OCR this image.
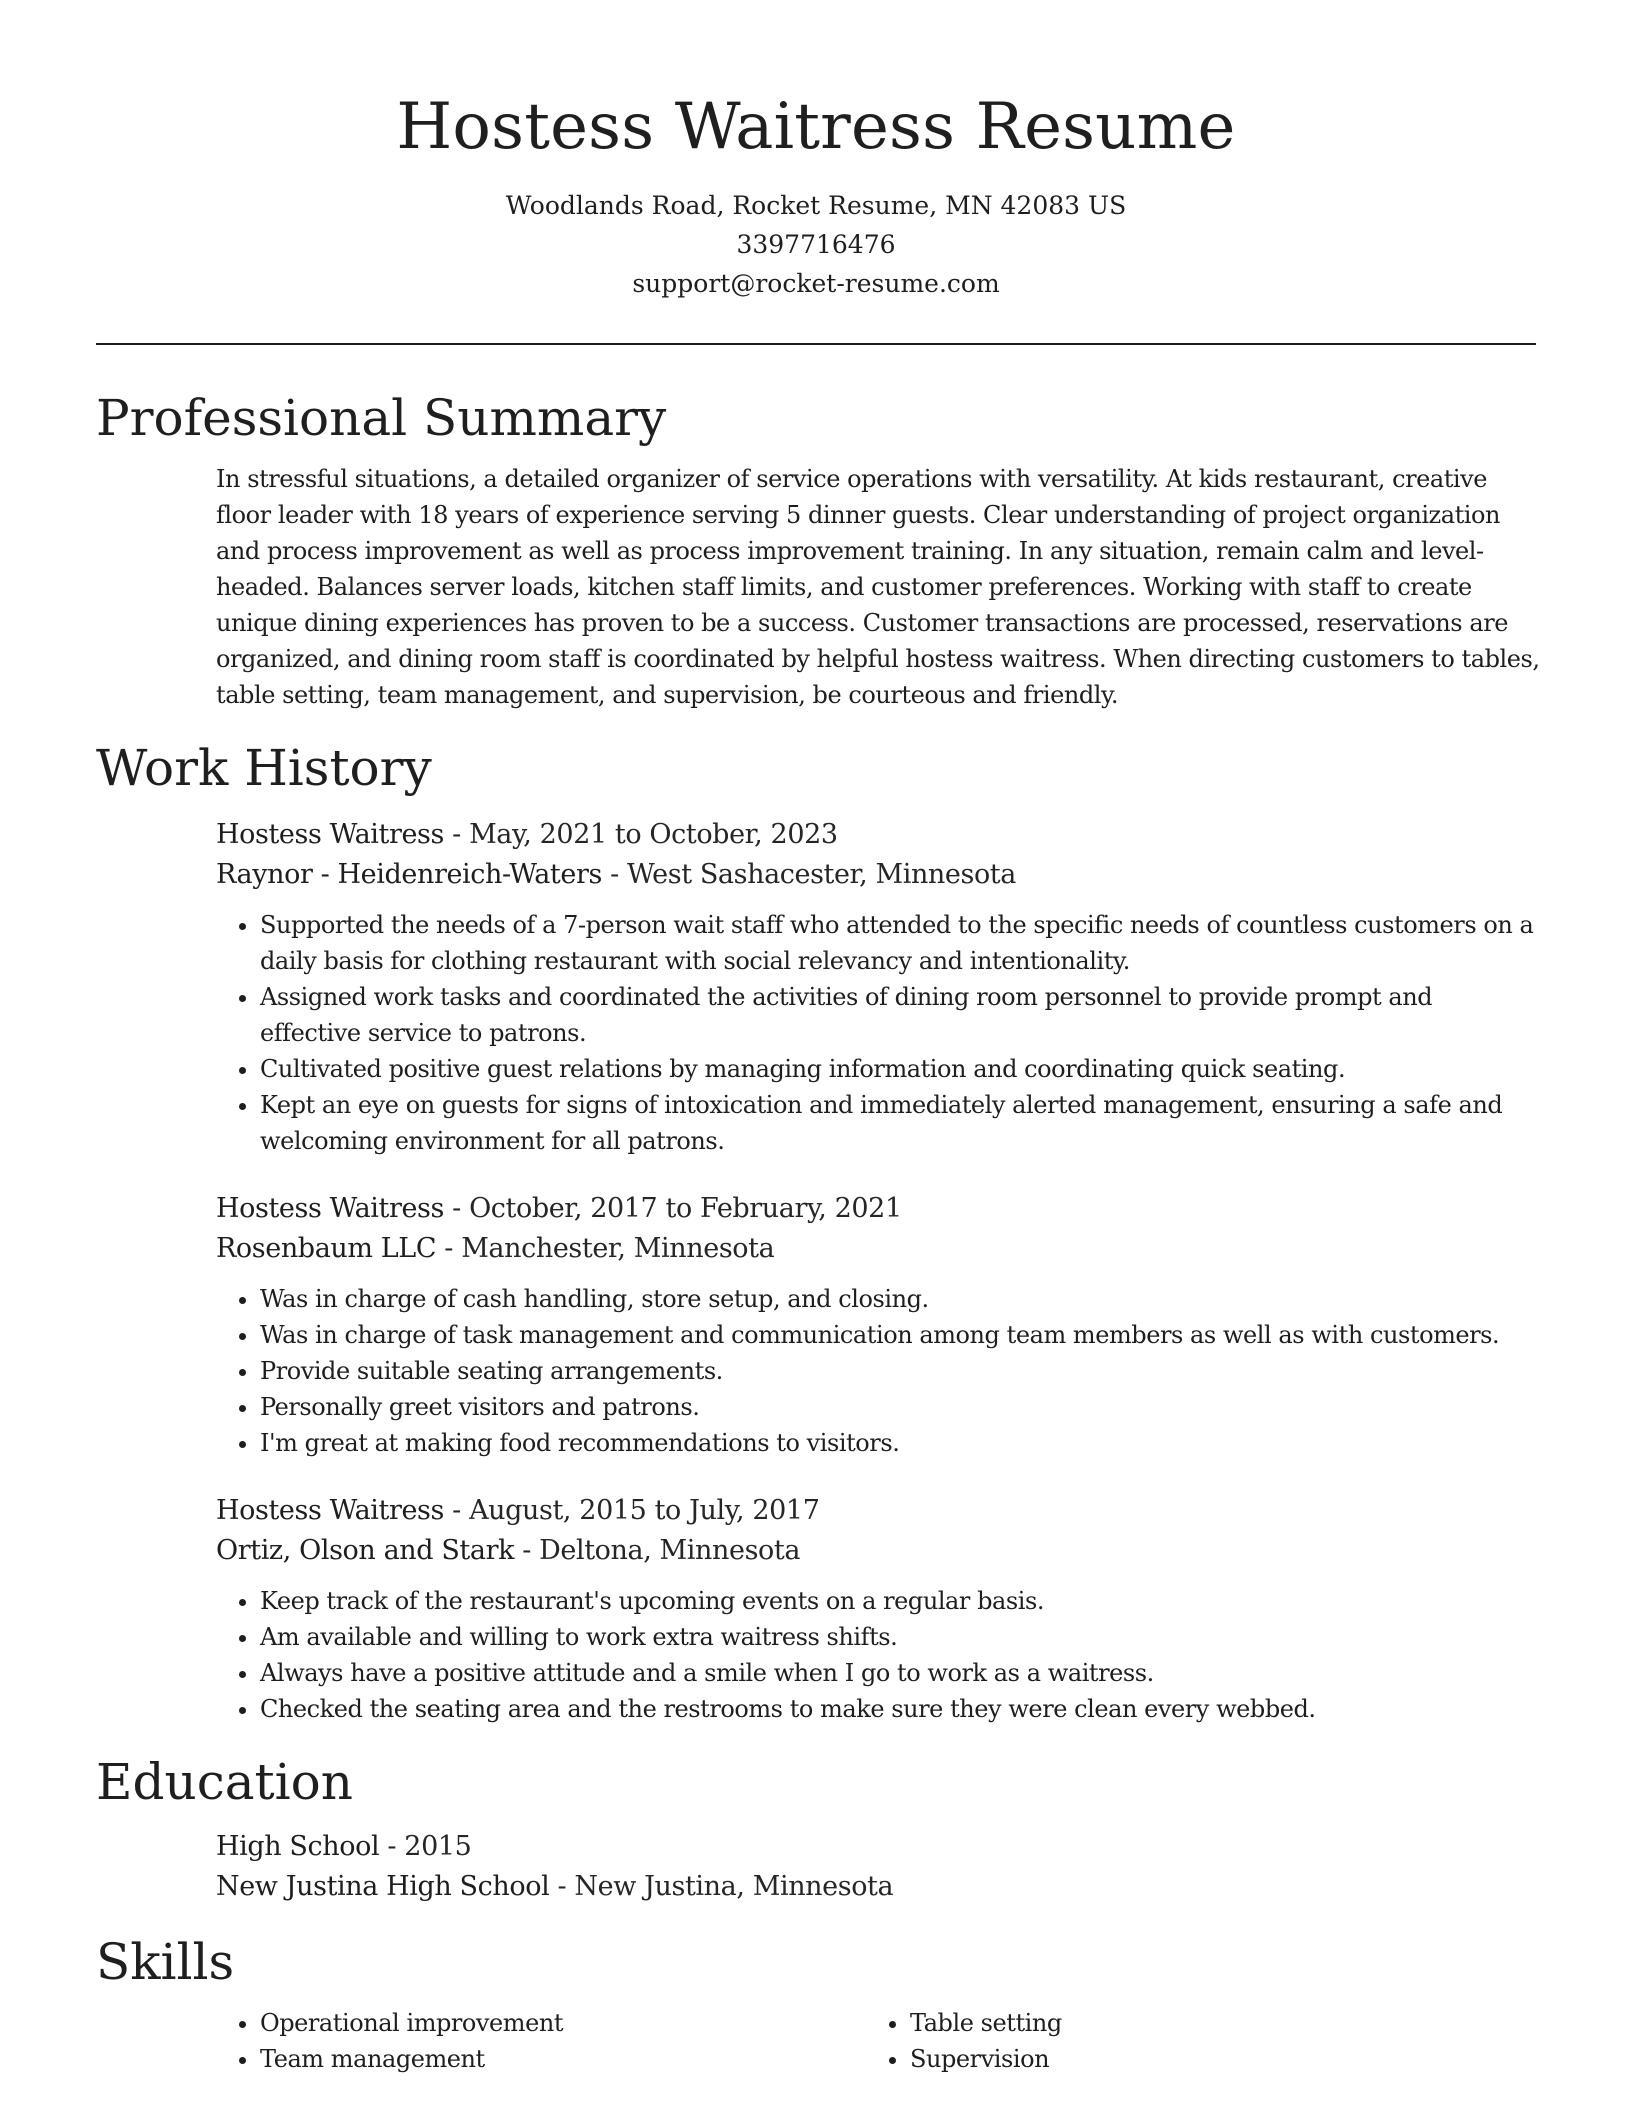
Hostess Waitress Resume
Woodlands Road, Rocket Resume, MN 42083 US
3397716476
support@rocket-resume.com
Professional Summary

In stressful situations, a detailed organizer of service operations with versatility. At kids restaurant, creative floor leader with 18 years of experience serving 5 dinner guests. Clear understanding of project organization and process improvement as well as process improvement training. In any situation, remain calm and level-headed. Balances server loads, kitchen staff limits, and customer preferences. Working with staff to create unique dining experiences has proven to be a success. Customer transactions are processed, reservations are organized, and dining room staff is coordinated by helpful hostess waitress. When directing customers to tables, table setting, team management, and supervision, be courteous and friendly.

Work History
Hostess Waitress - May, 2021 to October, 2023
Raynor - Heidenreich-Waters - West Sashacester, Minnesota
• Supported the needs of a 7-person wait staff who attended to the specific needs of countless customers on a daily basis for clothing restaurant with social relevancy and intentionality.
• Assigned work tasks and coordinated the activities of dining room personnel to provide prompt and effective service to patrons.
• Cultivated positive guest relations by managing information and coordinating quick seating.
• Kept an eye on guests for signs of intoxication and immediately alerted management, ensuring a safe and welcoming environment for all patrons.
Hostess Waitress - October, 2017 to February, 2021
Rosenbaum LLC - Manchester, Minnesota
• Was in charge of cash handling, store setup, and closing.
• Was in charge of task management and communication among team members as well as with customers.
• Provide suitable seating arrangements.
• Personally greet visitors and patrons.
• I'm great at making food recommendations to visitors.
Hostess Waitress - August, 2015 to July, 2017
Ortiz, Olson and Stark - Deltona, Minnesota
• Keep track of the restaurant's upcoming events on a regular basis.
• Am available and willing to work extra waitress shifts.
• Always have a positive attitude and a smile when I go to work as a waitress.
• Checked the seating area and the restrooms to make sure they were clean every webbed.
Education
High School - 2015
New Justina High School - New Justina, Minnesota
Skills
• Operational improvement
• Team management
• Table setting
• Supervision
